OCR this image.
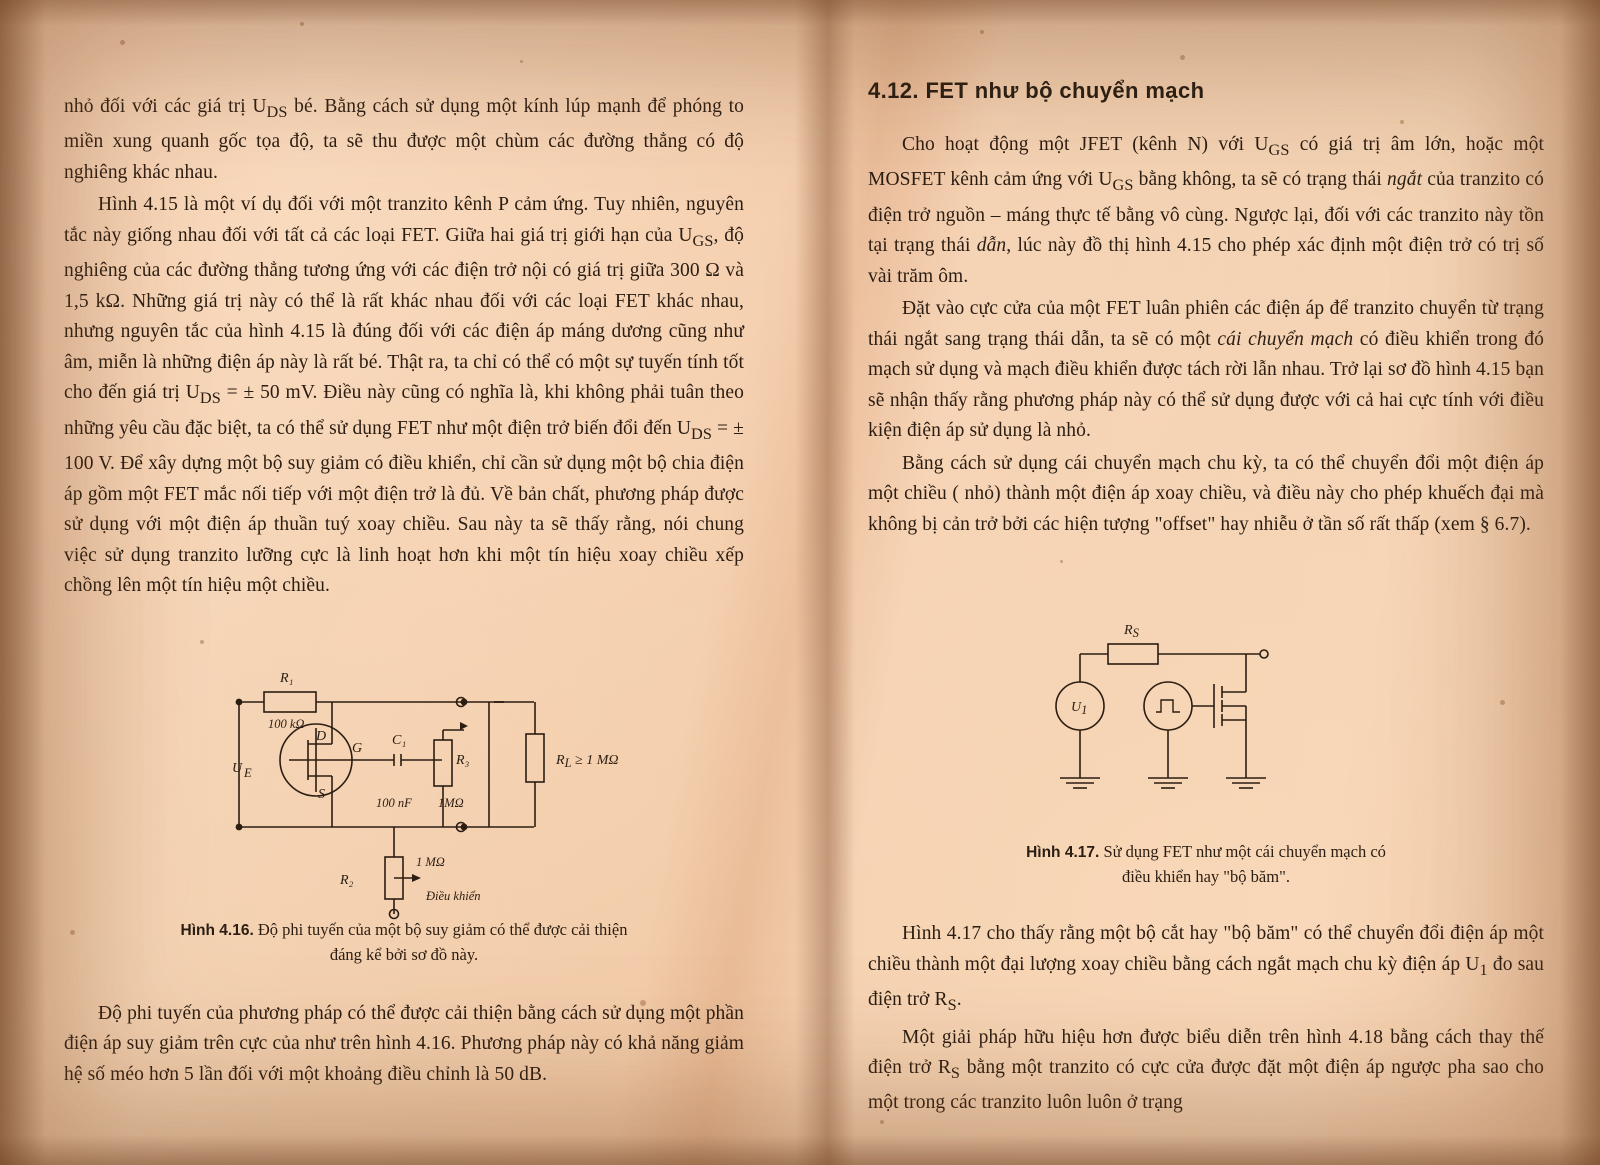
nhỏ đối với các giá trị $U_{DS}$ bé. Bằng cách sử dụng một kính lúp mạnh để phóng to miền xung quanh gốc tọa độ, ta sẽ thu được một chùm các đường thẳng có độ nghiêng khác nhau.

Hình 4.15 là một ví dụ đối với một tranzito kênh P cảm ứng. Tuy nhiên, nguyên tắc này giống nhau đối với tất cả các loại FET. Giữa hai giá trị giới hạn của $U_{GS}$, độ nghiêng của các đường thẳng tương ứng với các điện trở nội có giá trị giữa 300 Ω và 1,5 kΩ. Những giá trị này có thể là rất khác nhau đối với các loại FET khác nhau, nhưng nguyên tắc của hình 4.15 là đúng đối với các điện áp máng dương cũng như âm, miễn là những điện áp này là rất bé. Thật ra, ta chỉ có thể có một sự tuyến tính tốt cho đến giá trị $U_{DS}$ = ± 50 mV. Điều này cũng có nghĩa là, khi không phải tuân theo những yêu cầu đặc biệt, ta có thể sử dụng FET như một điện trở biến đổi đến $U_{DS}$ = ± 100 V. Để xây dựng một bộ suy giảm có điều khiển, chỉ cần sử dụng một bộ chia điện áp gồm một FET mắc nối tiếp với một điện trở là đủ. Về bản chất, phương pháp được sử dụng với một điện áp thuần tuý xoay chiều. Sau này ta sẽ thấy rằng, nói chung việc sử dụng tranzito lưỡng cực là linh hoạt hơn khi một tín hiệu xoay chiều xếp chồng lên một tín hiệu một chiều.

R₁
100 kΩ
D
G
S
U E
C₁
100 nF
R₃
1MΩ
RL ≥ 1 MΩ
R₂
1 MΩ
Điều khiển
Hình 4.16. Độ phi tuyến của một bộ suy giảm có thể được cải thiện
đáng kể bởi sơ đồ này.

Độ phi tuyến của phương pháp có thể được cải thiện bằng cách sử dụng một phần điện áp suy giảm trên cực của như trên hình 4.16. Phương pháp này có khả năng giảm hệ số méo hơn 5 lần đối với một khoảng điều chỉnh là 50 dB.

4.12. FET như bộ chuyển mạch

Cho hoạt động một JFET (kênh N) với $U_{GS}$ có giá trị âm lớn, hoặc một MOSFET kênh cảm ứng với $U_{GS}$ bằng không, ta sẽ có trạng thái ngắt của tranzito có điện trở nguồn – máng thực tế bằng vô cùng. Ngược lại, đối với các tranzito này tồn tại trạng thái dẫn, lúc này đồ thị hình 4.15 cho phép xác định một điện trở có trị số vài trăm ôm.

Đặt vào cực cửa của một FET luân phiên các điện áp để tranzito chuyển từ trạng thái ngắt sang trạng thái dẫn, ta sẽ có một cái chuyển mạch có điều khiển trong đó mạch sử dụng và mạch điều khiển được tách rời lẫn nhau. Trở lại sơ đồ hình 4.15 bạn sẽ nhận thấy rằng phương pháp này có thể sử dụng được với cả hai cực tính với điều kiện điện áp sử dụng là nhỏ.

Bằng cách sử dụng cái chuyển mạch chu kỳ, ta có thể chuyển đổi một điện áp một chiều ( nhỏ) thành một điện áp xoay chiều, và điều này cho phép khuếch đại mà không bị cản trở bởi các hiện tượng "offset" hay nhiễu ở tần số rất thấp (xem § 6.7).

RS
U1
Hình 4.17. Sử dụng FET như một cái chuyển mạch có
điều khiển hay "bộ băm".

Hình 4.17 cho thấy rằng một bộ cắt hay "bộ băm" có thể chuyển đổi điện áp một chiều thành một đại lượng xoay chiều bằng cách ngắt mạch chu kỳ điện áp $U_1$ đo sau điện trở $R_S$.

Một giải pháp hữu hiệu hơn được biểu diễn trên hình 4.18 bằng cách thay thế điện trở $R_S$ bằng một tranzito có cực cửa được đặt một điện áp ngược pha sao cho một trong các tranzito luôn luôn ở trạng
